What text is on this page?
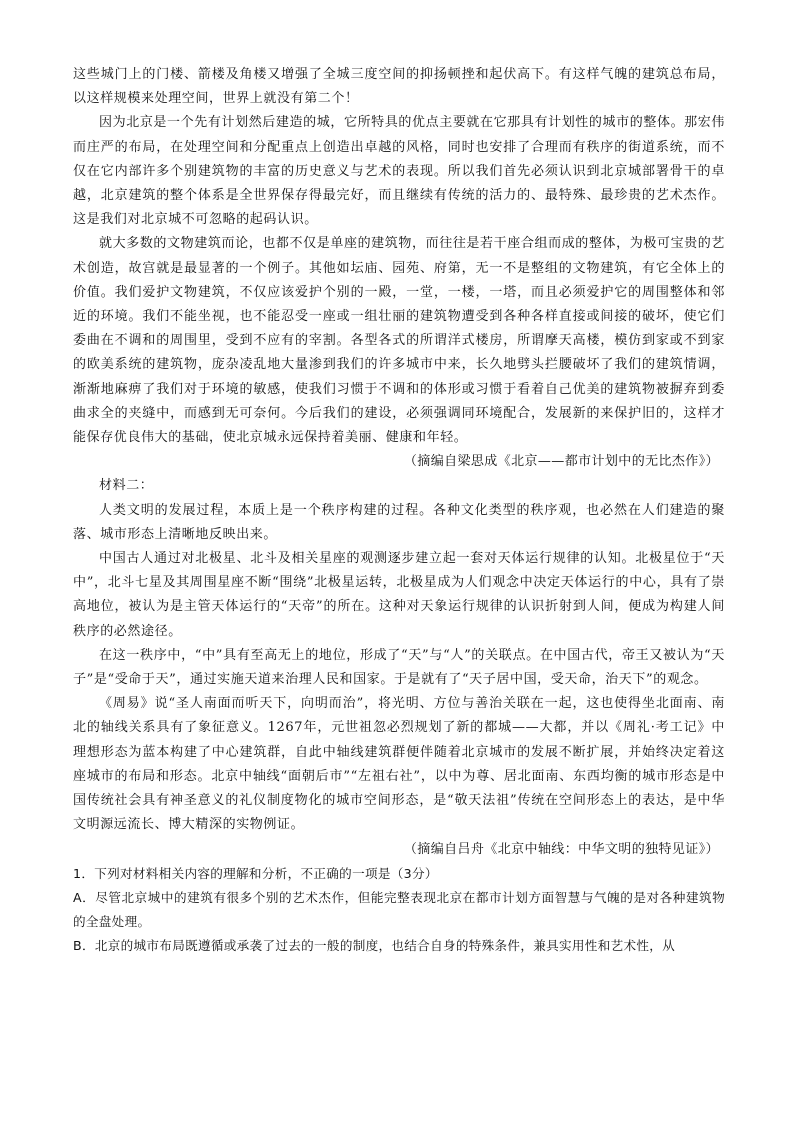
这些城门上的门楼、箭楼及角楼又增强了全城三度空间的抑扬顿挫和起伏高下。有这样气魄的建筑总布局，以这样规模来处理空间，世界上就没有第二个！

因为北京是一个先有计划然后建造的城，它所特具的优点主要就在它那具有计划性的城市的整体。那宏伟而庄严的布局，在处理空间和分配重点上创造出卓越的风格，同时也安排了合理而有秩序的街道系统，而不仅在它内部许多个别建筑物的丰富的历史意义与艺术的表现。所以我们首先必须认识到北京城部署骨干的卓越，北京建筑的整个体系是全世界保存得最完好，而且继续有传统的活力的、最特殊、最珍贵的艺术杰作。这是我们对北京城不可忽略的起码认识。

就大多数的文物建筑而论，也都不仅是单座的建筑物，而往往是若干座合组而成的整体，为极可宝贵的艺术创造，故宫就是最显著的一个例子。其他如坛庙、园苑、府第，无一不是整组的文物建筑，有它全体上的价值。我们爱护文物建筑，不仅应该爱护个别的一殿，一堂，一楼，一塔，而且必须爱护它的周围整体和邻近的环境。我们不能坐视，也不能忍受一座或一组壮丽的建筑物遭受到各种各样直接或间接的破坏，使它们委曲在不调和的周围里，受到不应有的宰割。各型各式的所谓洋式楼房，所谓摩天高楼，模仿到家或不到家的欧美系统的建筑物，庞杂凌乱地大量渗到我们的许多城市中来，长久地劈头拦腰破坏了我们的建筑情调，渐渐地麻痹了我们对于环境的敏感，使我们习惯于不调和的体形或习惯于看着自己优美的建筑物被摒弃到委曲求全的夹缝中，而感到无可奈何。今后我们的建设，必须强调同环境配合，发展新的来保护旧的，这样才能保存优良伟大的基础，使北京城永远保持着美丽、健康和年轻。

（摘编自梁思成《北京——都市计划中的无比杰作》）

材料二：

人类文明的发展过程，本质上是一个秩序构建的过程。各种文化类型的秩序观，也必然在人们建造的聚落、城市形态上清晰地反映出来。

中国古人通过对北极星、北斗及相关星座的观测逐步建立起一套对天体运行规律的认知。北极星位于“天中”，北斗七星及其周围星座不断“围绕”北极星运转，北极星成为人们观念中决定天体运行的中心，具有了崇高地位，被认为是主管天体运行的“天帝”的所在。这种对天象运行规律的认识折射到人间，便成为构建人间秩序的必然途径。

在这一秩序中，“中”具有至高无上的地位，形成了“天”与“人”的关联点。在中国古代，帝王又被认为“天子”是“受命于天”，通过实施天道来治理人民和国家。于是就有了“天子居中国，受天命，治天下”的观念。

《周易》说“圣人南面而听天下，向明而治”，将光明、方位与善治关联在一起，这也使得坐北面南、南北的轴线关系具有了象征意义。1267年，元世祖忽必烈规划了新的都城——大都，并以《周礼·考工记》中理想形态为蓝本构建了中心建筑群，自此中轴线建筑群便伴随着北京城市的发展不断扩展，并始终决定着这座城市的布局和形态。北京中轴线“面朝后市”“左祖右社”，以中为尊、居北面南、东西均衡的城市形态是中国传统社会具有神圣意义的礼仪制度物化的城市空间形态，是“敬天法祖”传统在空间形态上的表达，是中华文明源远流长、博大精深的实物例证。

（摘编自吕舟《北京中轴线：中华文明的独特见证》）

1．下列对材料相关内容的理解和分析，不正确的一项是（3分）

A．尽管北京城中的建筑有很多个别的艺术杰作，但能完整表现北京在都市计划方面智慧与气魄的是对各种建筑物的全盘处理。

B．北京的城市布局既遵循或承袭了过去的一般的制度，也结合自身的特殊条件，兼具实用性和艺术性，从
